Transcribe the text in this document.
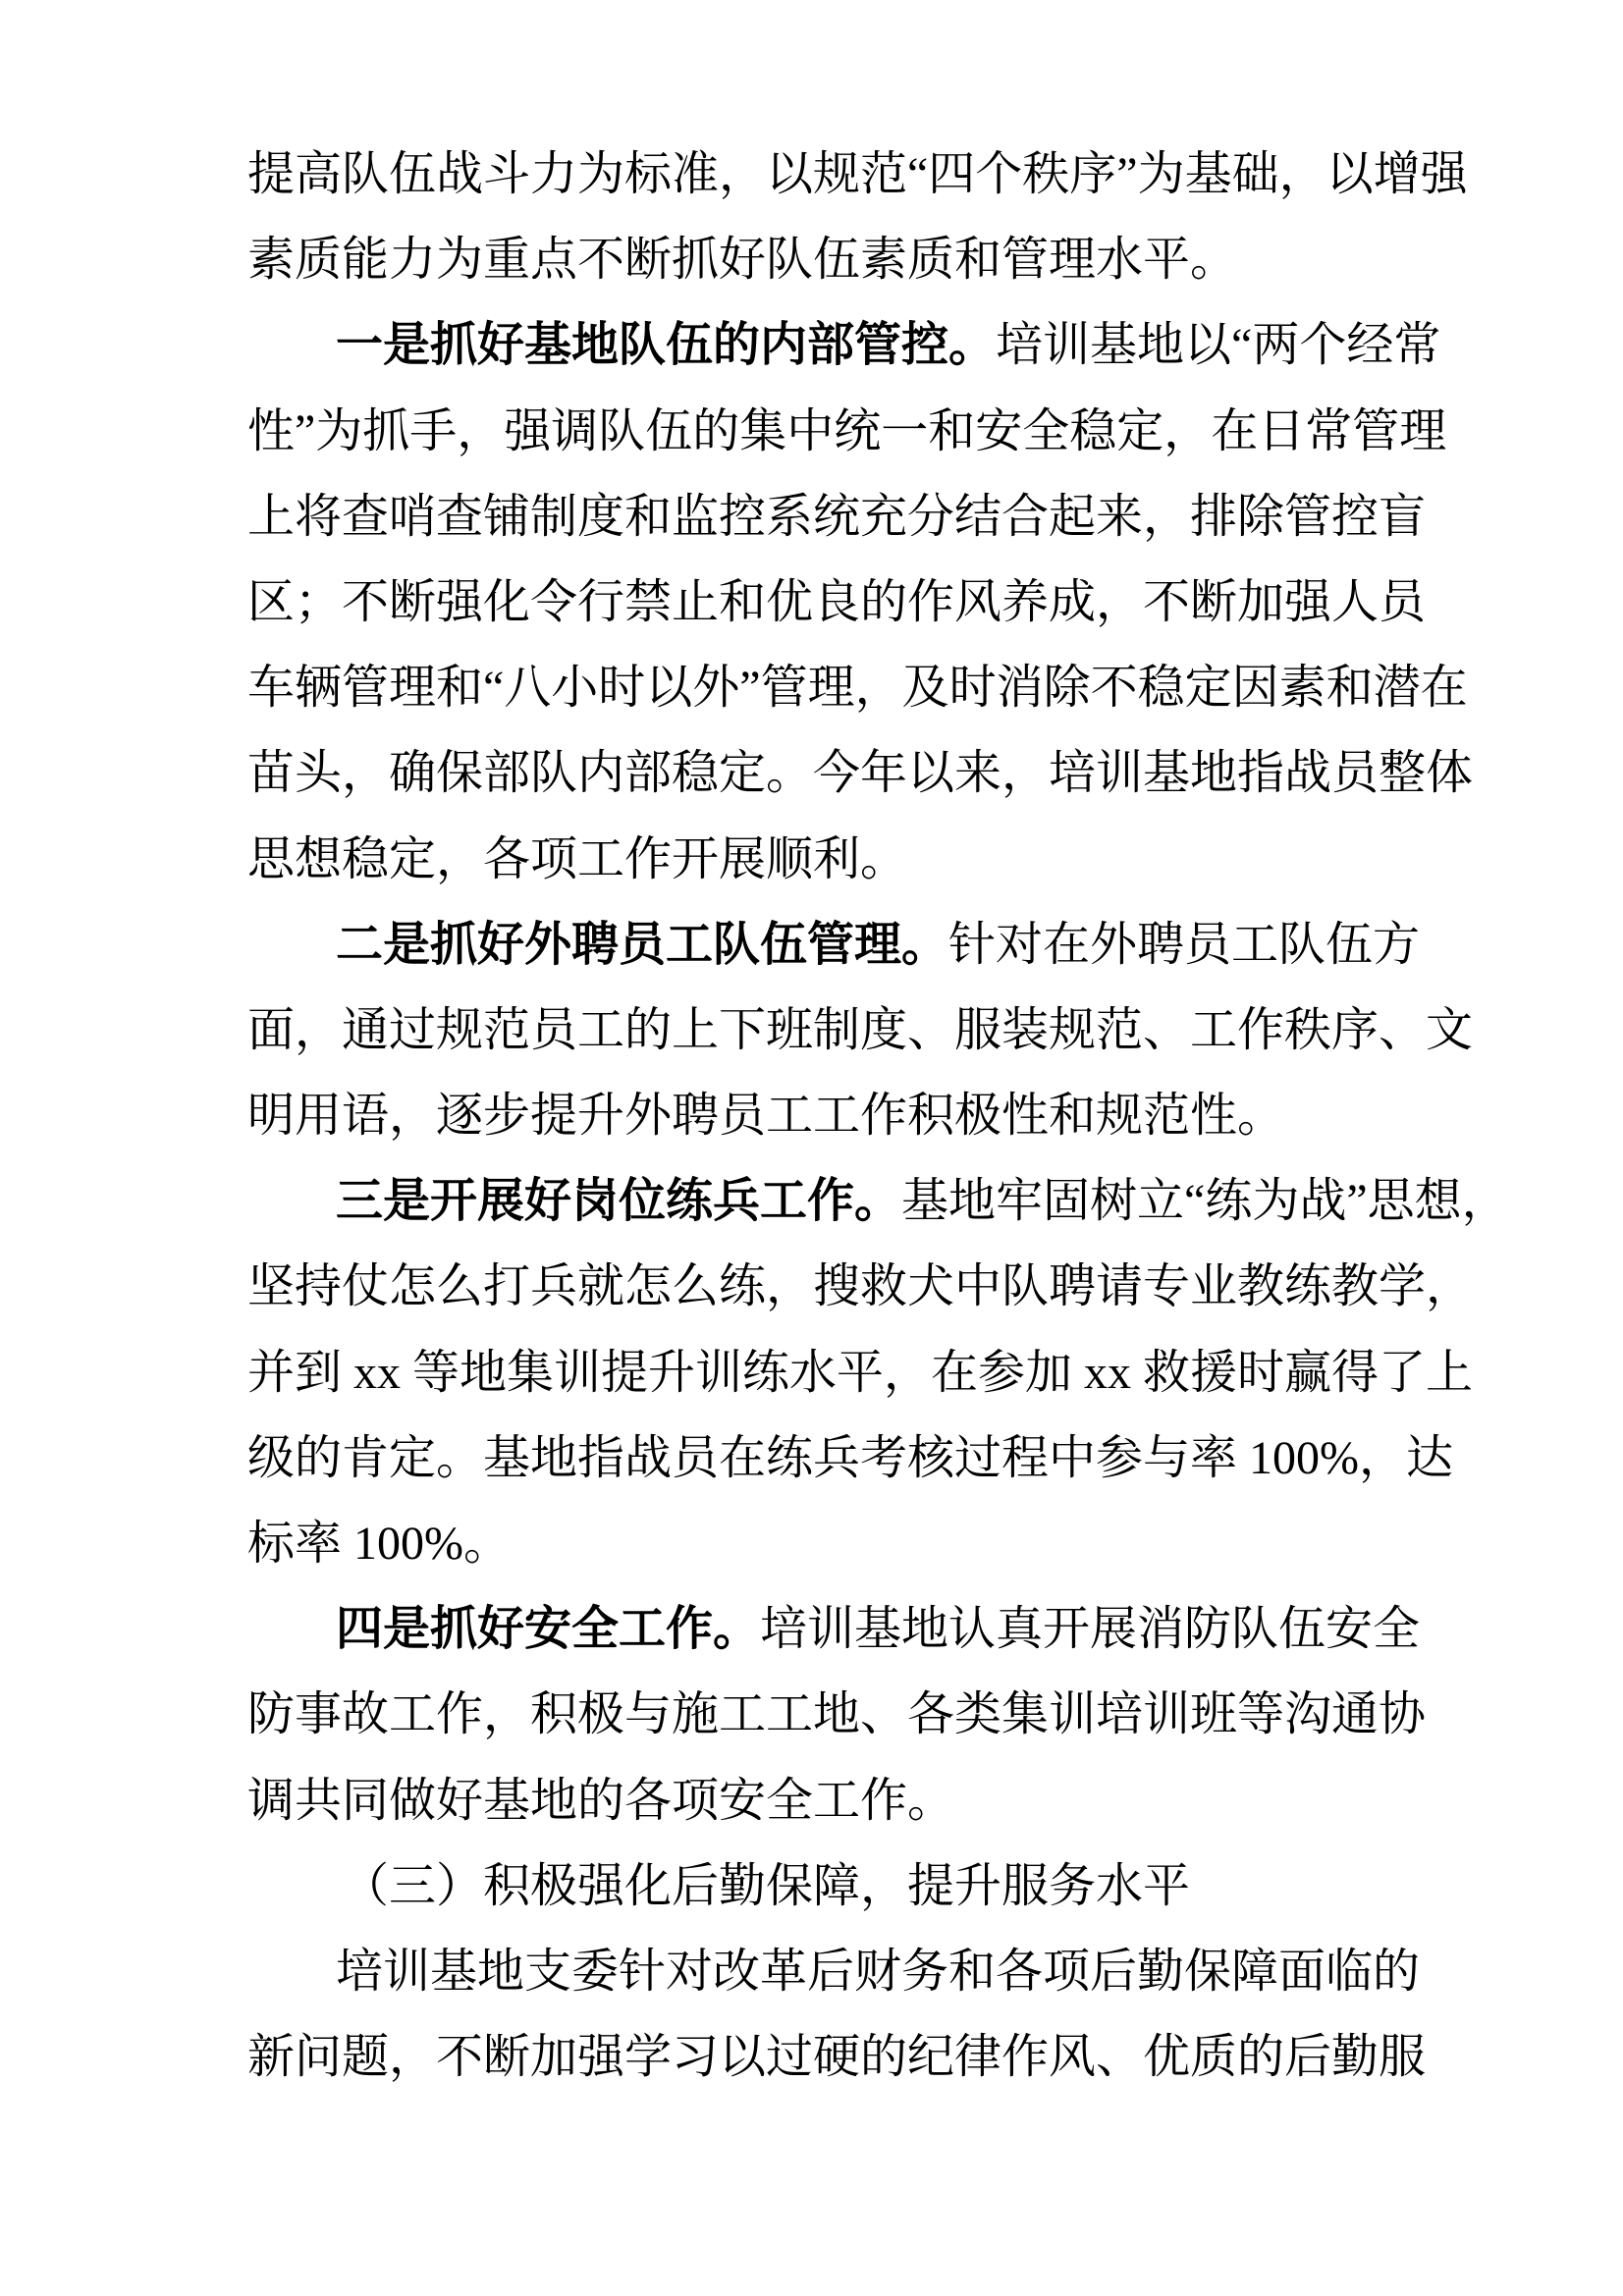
提高队伍战斗力为标准，以规范“四个秩序”为基础，以增强
素质能力为重点不断抓好队伍素质和管理水平。
一是抓好基地队伍的内部管控。培训基地以“两个经常
性”为抓手，强调队伍的集中统一和安全稳定，在日常管理
上将查哨查铺制度和监控系统充分结合起来，排除管控盲
区；不断强化令行禁止和优良的作风养成，不断加强人员
车辆管理和“八小时以外”管理，及时消除不稳定因素和潜在
苗头，确保部队内部稳定。今年以来，培训基地指战员整体
思想稳定，各项工作开展顺利。
二是抓好外聘员工队伍管理。针对在外聘员工队伍方
面，通过规范员工的上下班制度、服装规范、工作秩序、文
明用语，逐步提升外聘员工工作积极性和规范性。
三是开展好岗位练兵工作。基地牢固树立“练为战”思想，
坚持仗怎么打兵就怎么练，搜救犬中队聘请专业教练教学，
并到 xx 等地集训提升训练水平，在参加 xx 救援时赢得了上
级的肯定。基地指战员在练兵考核过程中参与率 100%，达
标率 100%。
四是抓好安全工作。培训基地认真开展消防队伍安全
防事故工作，积极与施工工地、各类集训培训班等沟通协
调共同做好基地的各项安全工作。
（三）积极强化后勤保障，提升服务水平
培训基地支委针对改革后财务和各项后勤保障面临的
新问题，不断加强学习以过硬的纪律作风、优质的后勤服
